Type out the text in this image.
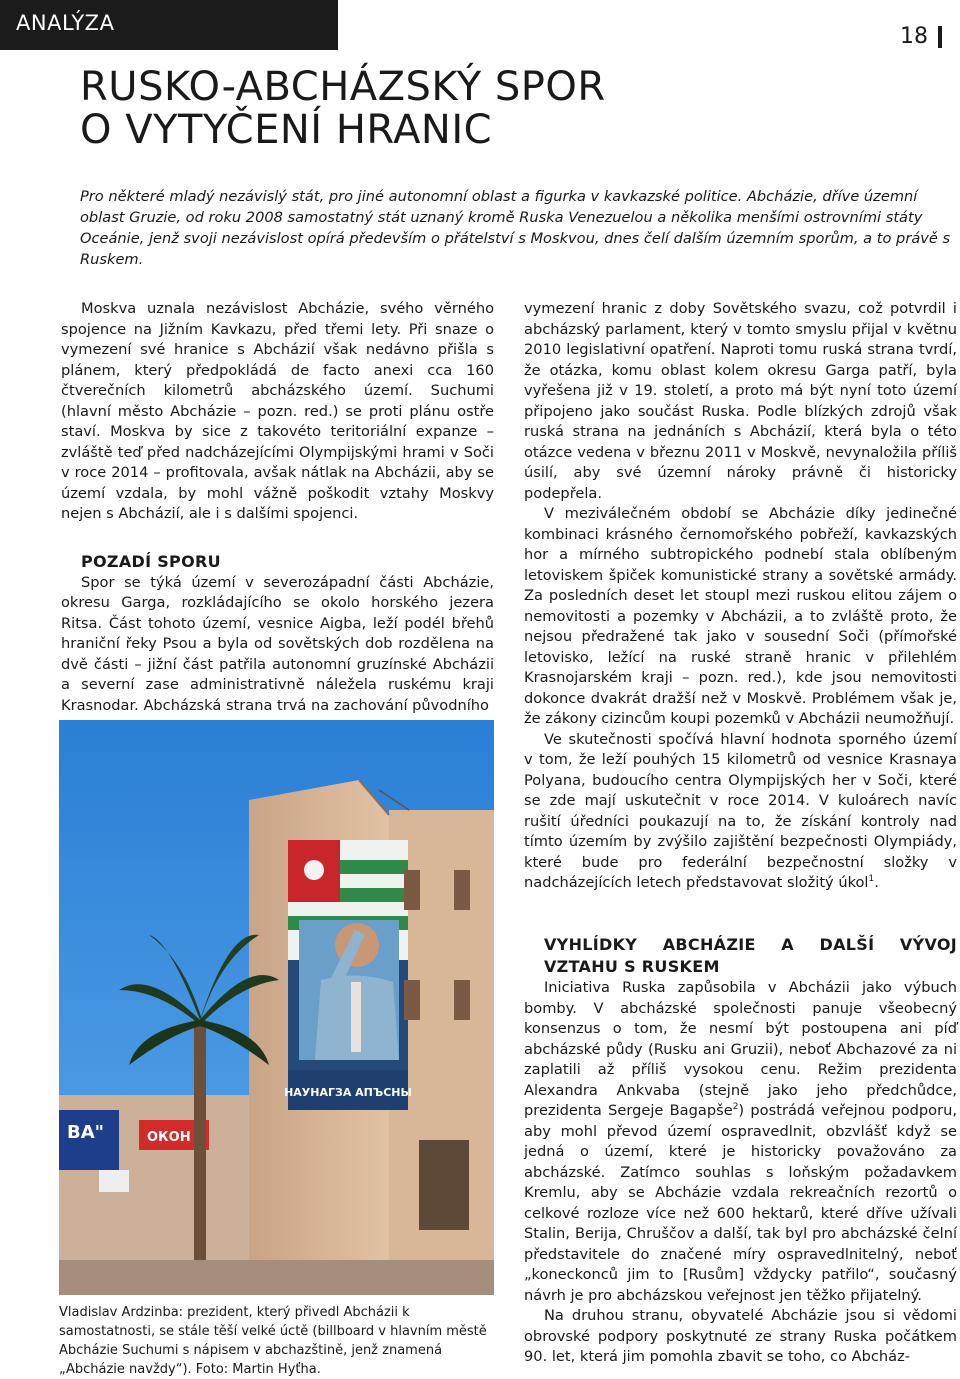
ANALÝZA
18
RUSKO-ABCHÁZSKÝ SPOR
O VYTYČENÍ HRANIC

Pro některé mladý nezávislý stát, pro jiné autonomní oblast a figurka v kavkazské politice. Abcházie, dříve územní oblast Gruzie, od roku 2008 samostatný stát uznaný kromě Ruska Venezuelou a několika menšími ostrovními státy Oceánie, jenž svoji nezávislost opírá především o přátelství s Moskvou, dnes čelí dalším územním sporům, a to právě s Ruskem.

Moskva uznala nezávislost Abcházie, svého věrného spojence na Jižním Kavkazu, před třemi lety. Při snaze o vymezení své hranice s Abcházií však nedávno přišla s plánem, který předpokládá de facto anexi cca 160 čtverečních kilometrů abcházského území. Suchumi (hlavní město Abcházie – pozn. red.) se proti plánu ostře staví. Moskva by sice z takovéto teritoriální expanze – zvláště teď před nadcházejícími Olympijskými hrami v Soči v roce 2014 – profitovala, avšak nátlak na Abcházii, aby se území vzdala, by mohl vážně poškodit vztahy Moskvy nejen s Abcházií, ale i s dalšími spojenci.

POZADÍ SPORU

Spor se týká území v severozápadní části Abcházie, okresu Garga, rozkládajícího se okolo horského jezera Ritsa. Část tohoto území, vesnice Aigba, leží podél břehů hraniční řeky Psou a byla od sovětských dob rozdělena na dvě části – jižní část patřila autonomní gruzínské Abcházii a severní zase administrativně náležela ruskému kraji Krasnodar. Abcházská strana trvá na zachování původního

НАУНАГЗА АПЪСНЫ
ВА"	ОКОН

Vladislav Ardzinba: prezident, který přivedl Abcházii k samostatnosti, se stále těší velké úctě (billboard v hlavním městě Abcházie Suchumi s nápisem v abchazštině, jenž znamená „Abcházie navždy“). Foto: Martin Hyťha.

vymezení hranic z doby Sovětského svazu, což potvrdil i abcházský parlament, který v tomto smyslu přijal v květnu 2010 legislativní opatření. Naproti tomu ruská strana tvrdí, že otázka, komu oblast kolem okresu Garga patří, byla vyřešena již v 19. století, a proto má být nyní toto území připojeno jako součást Ruska. Podle blízkých zdrojů však ruská strana na jednáních s Abcházií, která byla o této otázce vedena v březnu 2011 v Moskvě, nevynaložila příliš úsilí, aby své územní nároky právně či historicky podepřela.

V meziválečném období se Abcházie díky jedinečné kombinaci krásného černomořského pobřeží, kavkazských hor a mírného subtropického podnebí stala oblíbeným letoviskem špiček komunistické strany a sovětské armády. Za posledních deset let stoupl mezi ruskou elitou zájem o nemovitosti a pozemky v Abcházii, a to zvláště proto, že nejsou předražené tak jako v sousední Soči (přímořské letovisko, ležící na ruské straně hranic v přilehlém Krasnojarském kraji – pozn. red.), kde jsou nemovitosti dokonce dvakrát dražší než v Moskvě. Problémem však je, že zákony cizincům koupi pozemků v Abcházii neumožňují.

Ve skutečnosti spočívá hlavní hodnota sporného území v tom, že leží pouhých 15 kilometrů od vesnice Krasnaya Polyana, budoucího centra Olympijských her v Soči, které se zde mají uskutečnit v roce 2014. V kuloárech navíc rušití úředníci poukazují na to, že získání kontroly nad tímto územím by zvýšilo zajištění bezpečnosti Olympiády, které bude pro federální bezpečnostní složky v nadcházejících letech představovat složitý úkol$^1$.

VYHLÍDKY ABCHÁZIE A DALŠÍ VÝVOJ VZTAHU S RUSKEM

Iniciativa Ruska zapůsobila v Abcházii jako výbuch bomby. V abcházské společnosti panuje všeobecný konsenzus o tom, že nesmí být postoupena ani píď abcházské půdy (Rusku ani Gruzii), neboť Abchazové za ni zaplatili až příliš vysokou cenu. Režim prezidenta Alexandra Ankvaba (stejně jako jeho předchůdce, prezidenta Sergeje Bagapše$^2$) postrádá veřejnou podporu, aby mohl převod území ospravedlnit, obzvlášť když se jedná o území, které je historicky považováno za abcházské. Zatímco souhlas s loňským požadavkem Kremlu, aby se Abcházie vzdala rekreačních rezortů o celkové rozloze více než 600 hektarů, které dříve užívali Stalin, Berija, Chruščov a další, tak byl pro abcházské čelní představitele do značené míry ospravedlnitelný, neboť „koneckonců jim to [Rusům] vždycky patřilo“, současný návrh je pro abcházskou veřejnost jen těžko přijatelný.

Na druhou stranu, obyvatelé Abcházie jsou si vědomi obrovské podpory poskytnuté ze strany Ruska počátkem 90. let, která jim pomohla zbavit se toho, co Abcház-
